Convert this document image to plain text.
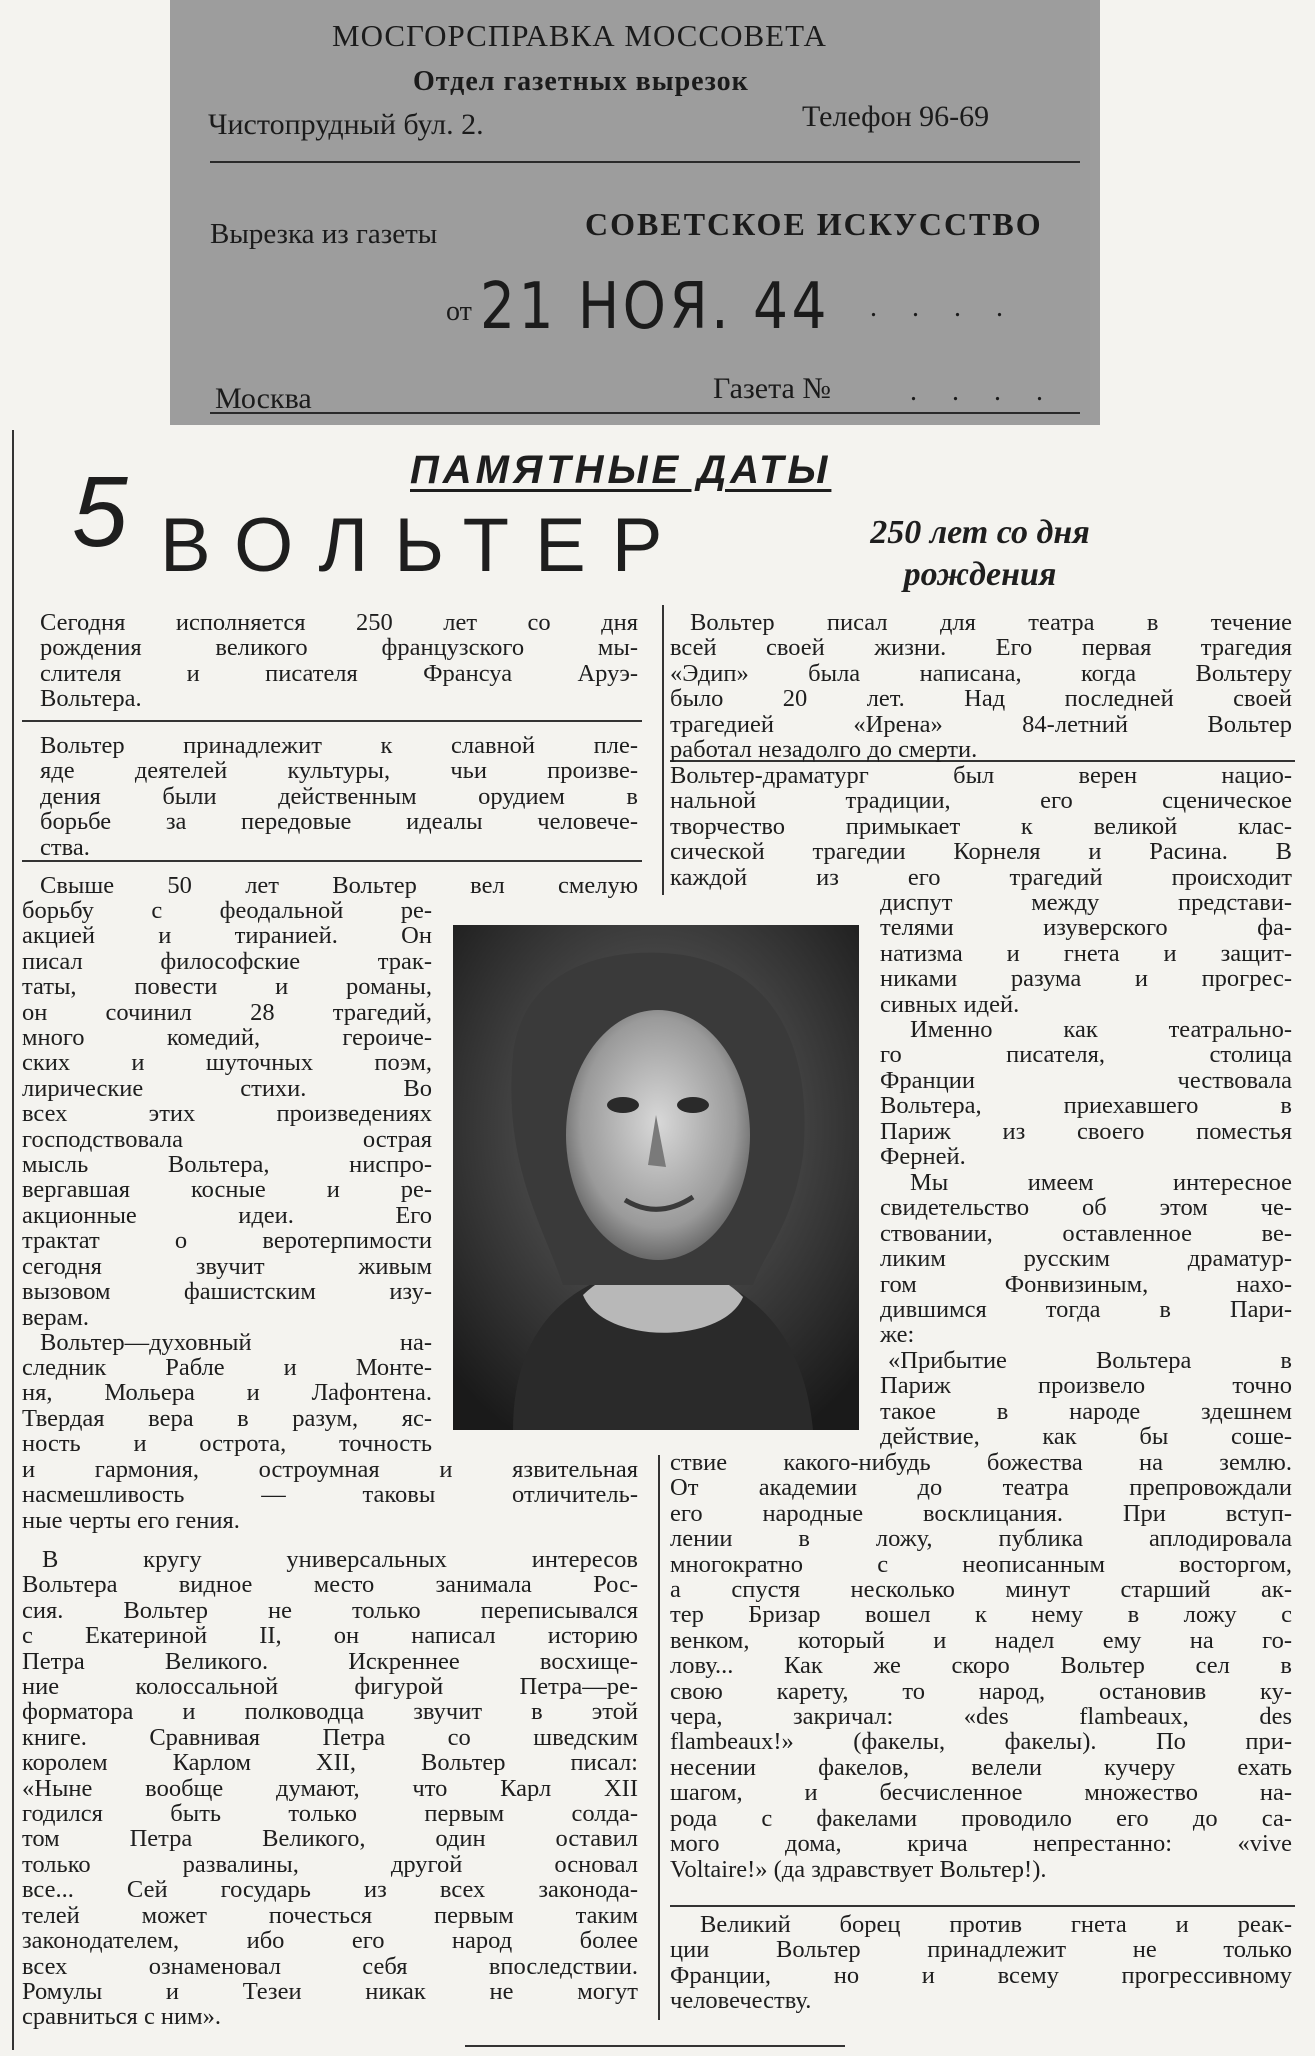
МОСГОРСПРАВКА МОССОВЕТА
Отдел газетных вырезок
Чистопрудный бул. 2.	Телефон 96-69
Вырезка из газеты	СОВЕТСКОЕ ИСКУССТВО
от 21 НОЯ. 44 . . . .
Москва	Газета №	. . . .
5	ПАМЯТНЫЕ ДАТЫ
ВОЛЬТЕР	250 лет со дня
рождения
Сегодня исполняется 250 лет со дня
рождения великого французского мы-
слителя и писателя Франсуа Аруэ-
Вольтера.
Вольтер принадлежит к славной пле-
яде деятелей культуры, чьи произве-
дения были действенным орудием в
борьбе за передовые идеалы человече-
ства.
Свыше 50 лет Вольтер вел смелую
борьбу с феодальной ре-
акцией и тиранией. Он
писал философские трак-
таты, повести и романы,
он сочинил 28 трагедий,
много комедий, героиче-
ских и шуточных поэм,
лирические стихи. Во
всех этих произведениях
господствовала острая
мысль Вольтера, ниспро-
вергавшая косные и ре-
акционные идеи. Его
трактат о веротерпимости
сегодня звучит живым
вызовом фашистским изу-
верам.
Вольтер—духовный на-
следник Рабле и Монте-
ня, Мольера и Лафонтена.
Твердая вера в разум, яс-
ность и острота, точность
и гармония, остроумная и язвительная
насмешливость — таковы отличитель-
ные черты его гения.
В кругу универсальных интересов
Вольтера видное место занимала Рос-
сия. Вольтер не только переписывался
с Екатериной II, он написал историю
Петра Великого. Искреннее восхище-
ние колоссальной фигурой Петра—ре-
форматора и полководца звучит в этой
книге. Сравнивая Петра со шведским
королем Карлом XII, Вольтер писал:
«Ныне вообще думают, что Карл XII
годился быть только первым солда-
том Петра Великого, один оставил
только развалины, другой основал
все... Сей государь из всех законода-
телей может почесться первым таким
законодателем, ибо его народ более
всех ознаменовал себя впоследствии.
Ромулы и Тезеи никак не могут
сравниться с ним».
Вольтер писал для театра в течение
всей своей жизни. Его первая трагедия
«Эдип» была написана, когда Вольтеру
было 20 лет. Над последней своей
трагедией «Ирена» 84-летний Вольтер
работал незадолго до смерти.
Вольтер-драматург был верен нацио-
нальной традиции, его сценическое
творчество примыкает к великой клас-
сической трагедии Корнеля и Расина. В
каждой из его трагедий происходит
диспут между представи-
телями изуверского фа-
натизма и гнета и защит-
никами разума и прогрес-
сивных идей.
Именно как театрально-
го писателя, столица
Франции чествовала
Вольтера, приехавшего в
Париж из своего поместья
Ферней.
Мы имеем интересное
свидетельство об этом че-
ствовании, оставленное ве-
ликим русским драматур-
гом Фонвизиным, нахо-
дившимся тогда в Пари-
же:
«Прибытие Вольтера в
Париж произвело точно
такое в народе здешнем
действие, как бы соше-
ствие какого-нибудь божества на землю.
От академии до театра препровождали
его народные восклицания. При вступ-
лении в ложу, публика аплодировала
многократно с неописанным восторгом,
а спустя несколько минут старший ак-
тер Бризар вошел к нему в ложу с
венком, который и надел ему на го-
лову... Как же скоро Вольтер сел в
свою карету, то народ, остановив ку-
чера, закричал: «des flambeaux, des
flambeaux!» (факелы, факелы). По при-
несении факелов, велели кучеру ехать
шагом, и бесчисленное множество на-
рода с факелами проводило его до са-
мого дома, крича непрестанно: «vive
Voltaire!» (да здравствует Вольтер!).
Великий борец против гнета и реак-
ции Вольтер принадлежит не только
Франции, но и всему прогрессивному
человечеству.
